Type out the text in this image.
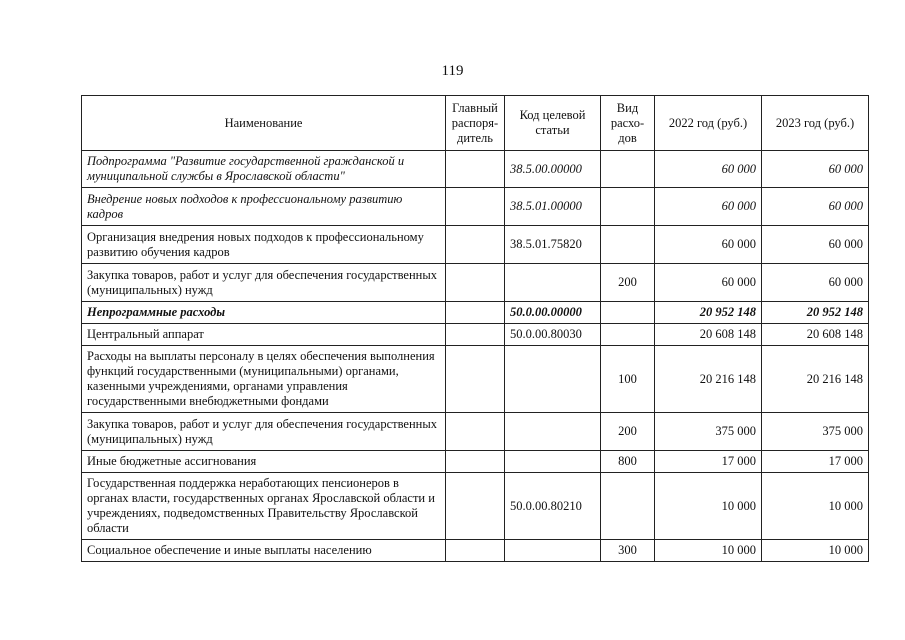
119
Наименование	Главный распоря-дитель	Код целевой статьи	Вид расхо-дов	2022 год (руб.)	2023 год (руб.)
Подпрограмма "Развитие государственной гражданской и муниципальной службы в Ярославской области"		38.5.00.00000		60 000	60 000
Внедрение новых подходов к профессиональному развитию кадров		38.5.01.00000		60 000	60 000
Организация внедрения новых подходов к профессиональному развитию обучения кадров		38.5.01.75820		60 000	60 000
Закупка товаров, работ и услуг для обеспечения государственных (муниципальных) нужд			200	60 000	60 000
Непрограммные расходы		50.0.00.00000		20 952 148	20 952 148
Центральный аппарат		50.0.00.80030		20 608 148	20 608 148
Расходы на выплаты персоналу в целях обеспечения выполнения функций государственными (муниципальными) органами, казенными учреждениями, органами управления государственными внебюджетными фондами			100	20 216 148	20 216 148
Закупка товаров, работ и услуг для обеспечения государственных (муниципальных) нужд			200	375 000	375 000
Иные бюджетные ассигнования			800	17 000	17 000
Государственная поддержка неработающих пенсионеров в органах власти, государственных органах Ярославской области и учреждениях, подведомственных Правительству Ярославской области		50.0.00.80210		10 000	10 000
Социальное обеспечение и иные выплаты населению			300	10 000	10 000
